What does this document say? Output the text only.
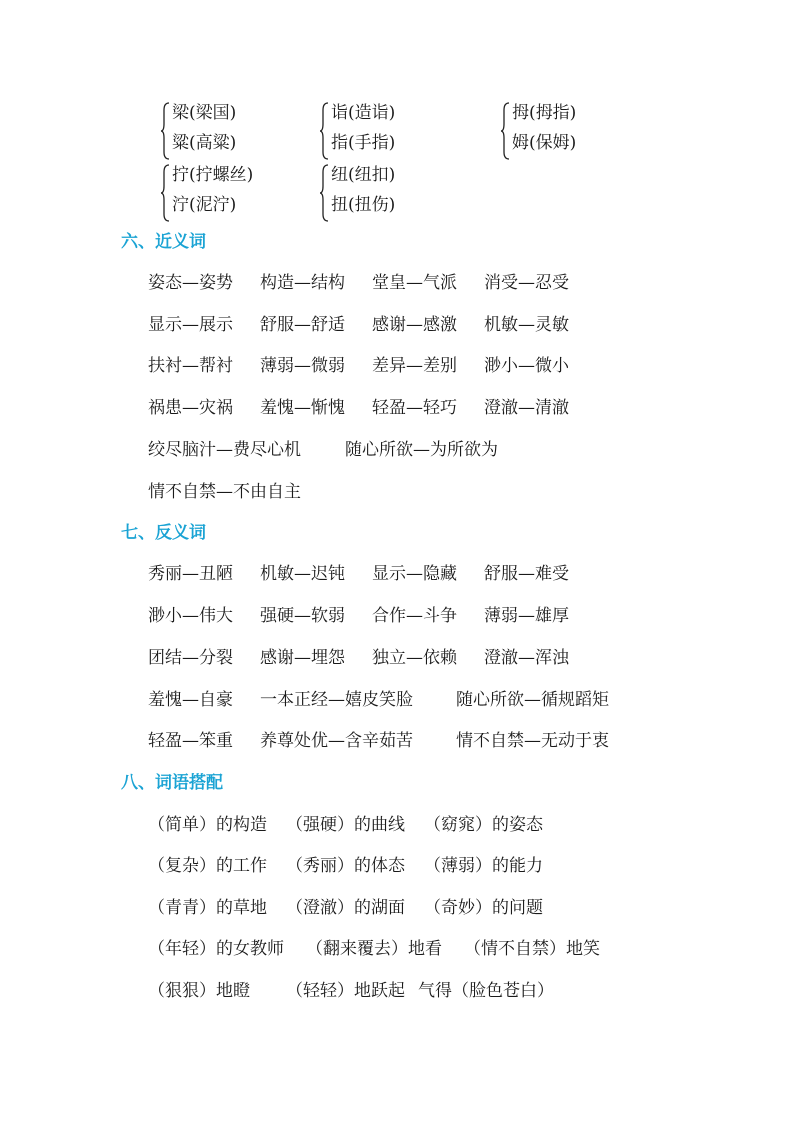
梁(梁国)
粱(高粱)
诣(造诣)
指(手指)
拇(拇指)
姆(保姆)
拧(拧螺丝)
泞(泥泞)
纽(纽扣)
扭(扭伤)
六、近义词
姿态—姿势 构造—结构 堂皇—气派 消受—忍受
显示—展示 舒服—舒适 感谢—感激 机敏—灵敏
扶衬—帮衬 薄弱—微弱 差异—差别 渺小—微小
祸患—灾祸 羞愧—惭愧 轻盈—轻巧 澄澈—清澈
绞尽脑汁—费尽心机	随心所欲—为所欲为
情不自禁—不由自主
七、反义词
秀丽—丑陋 机敏—迟钝 显示—隐藏 舒服—难受
渺小—伟大 强硬—软弱 合作—斗争 薄弱—雄厚
团结—分裂 感谢—埋怨 独立—依赖 澄澈—浑浊
羞愧—自豪 一本正经—嬉皮笑脸	随心所欲—循规蹈矩
轻盈—笨重 养尊处优—含辛茹苦	情不自禁—无动于衷
八、词语搭配
（简单）的构造 （强硬）的曲线 （窈窕）的姿态
（复杂）的工作 （秀丽）的体态 （薄弱）的能力
（青青）的草地 （澄澈）的湖面 （奇妙）的问题
（年轻）的女教师 （翻来覆去）地看 （情不自禁）地笑
（狠狠）地瞪 （轻轻）地跃起 气得（脸色苍白）
